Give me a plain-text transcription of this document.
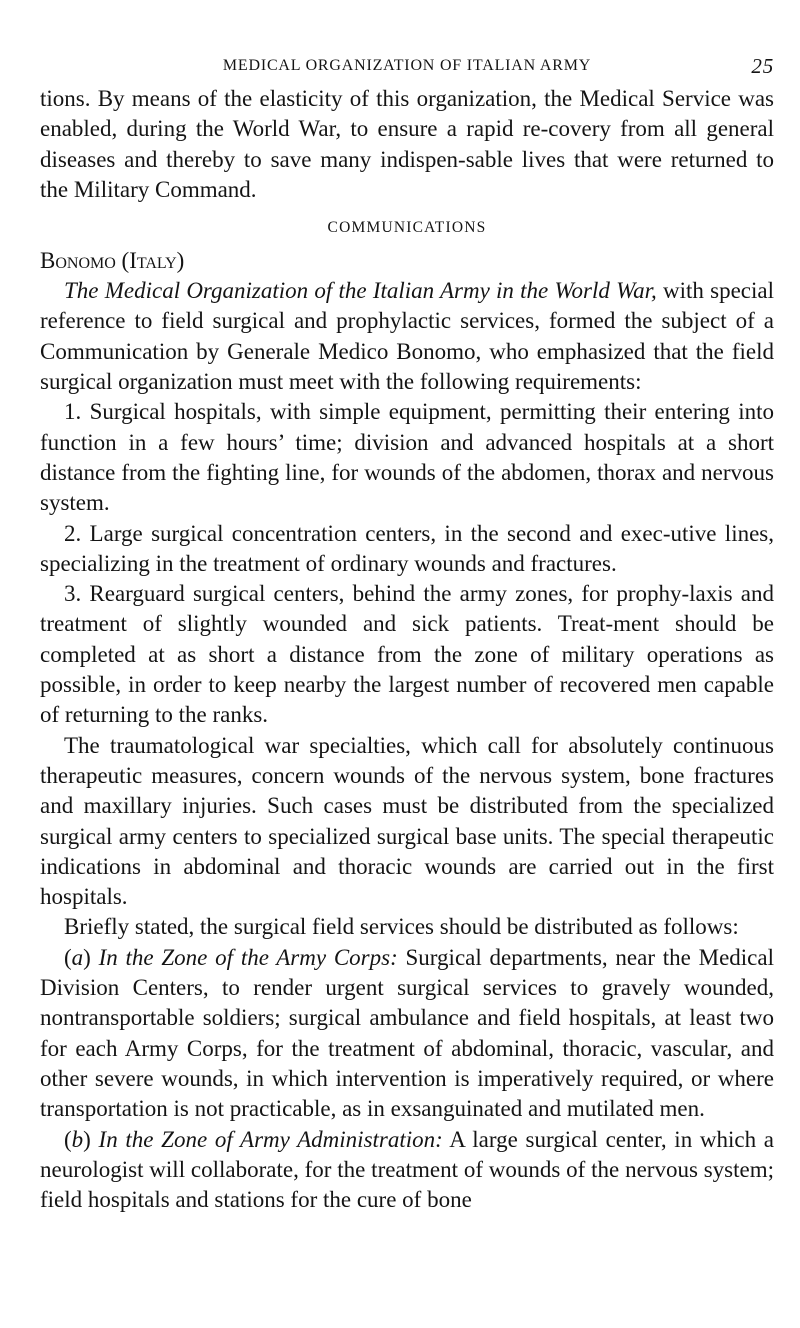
MEDICAL ORGANIZATION OF ITALIAN ARMY	25

tions. By means of the elasticity of this organization, the Medical Service was enabled, during the World War, to ensure a rapid re-covery from all general diseases and thereby to save many indispen-sable lives that were returned to the Military Command.

COMMUNICATIONS
Bonomo (Italy)

The Medical Organization of the Italian Army in the World War, with special reference to field surgical and prophylactic services, formed the subject of a Communication by Generale Medico Bonomo, who emphasized that the field surgical organization must meet with the following requirements:

1. Surgical hospitals, with simple equipment, permitting their entering into function in a few hours’ time; division and advanced hospitals at a short distance from the fighting line, for wounds of the abdomen, thorax and nervous system.

2. Large surgical concentration centers, in the second and exec-utive lines, specializing in the treatment of ordinary wounds and fractures.

3. Rearguard surgical centers, behind the army zones, for prophy-laxis and treatment of slightly wounded and sick patients. Treat-ment should be completed at as short a distance from the zone of military operations as possible, in order to keep nearby the largest number of recovered men capable of returning to the ranks.

The traumatological war specialties, which call for absolutely continuous therapeutic measures, concern wounds of the nervous system, bone fractures and maxillary injuries. Such cases must be distributed from the specialized surgical army centers to specialized surgical base units. The special therapeutic indications in abdominal and thoracic wounds are carried out in the first hospitals.

Briefly stated, the surgical field services should be distributed as follows:

(a) In the Zone of the Army Corps: Surgical departments, near the Medical Division Centers, to render urgent surgical services to gravely wounded, nontransportable soldiers; surgical ambulance and field hospitals, at least two for each Army Corps, for the treatment of abdominal, thoracic, vascular, and other severe wounds, in which intervention is imperatively required, or where transportation is not practicable, as in exsanguinated and mutilated men.

(b) In the Zone of Army Administration: A large surgical center, in which a neurologist will collaborate, for the treatment of wounds of the nervous system; field hospitals and stations for the cure of bone
